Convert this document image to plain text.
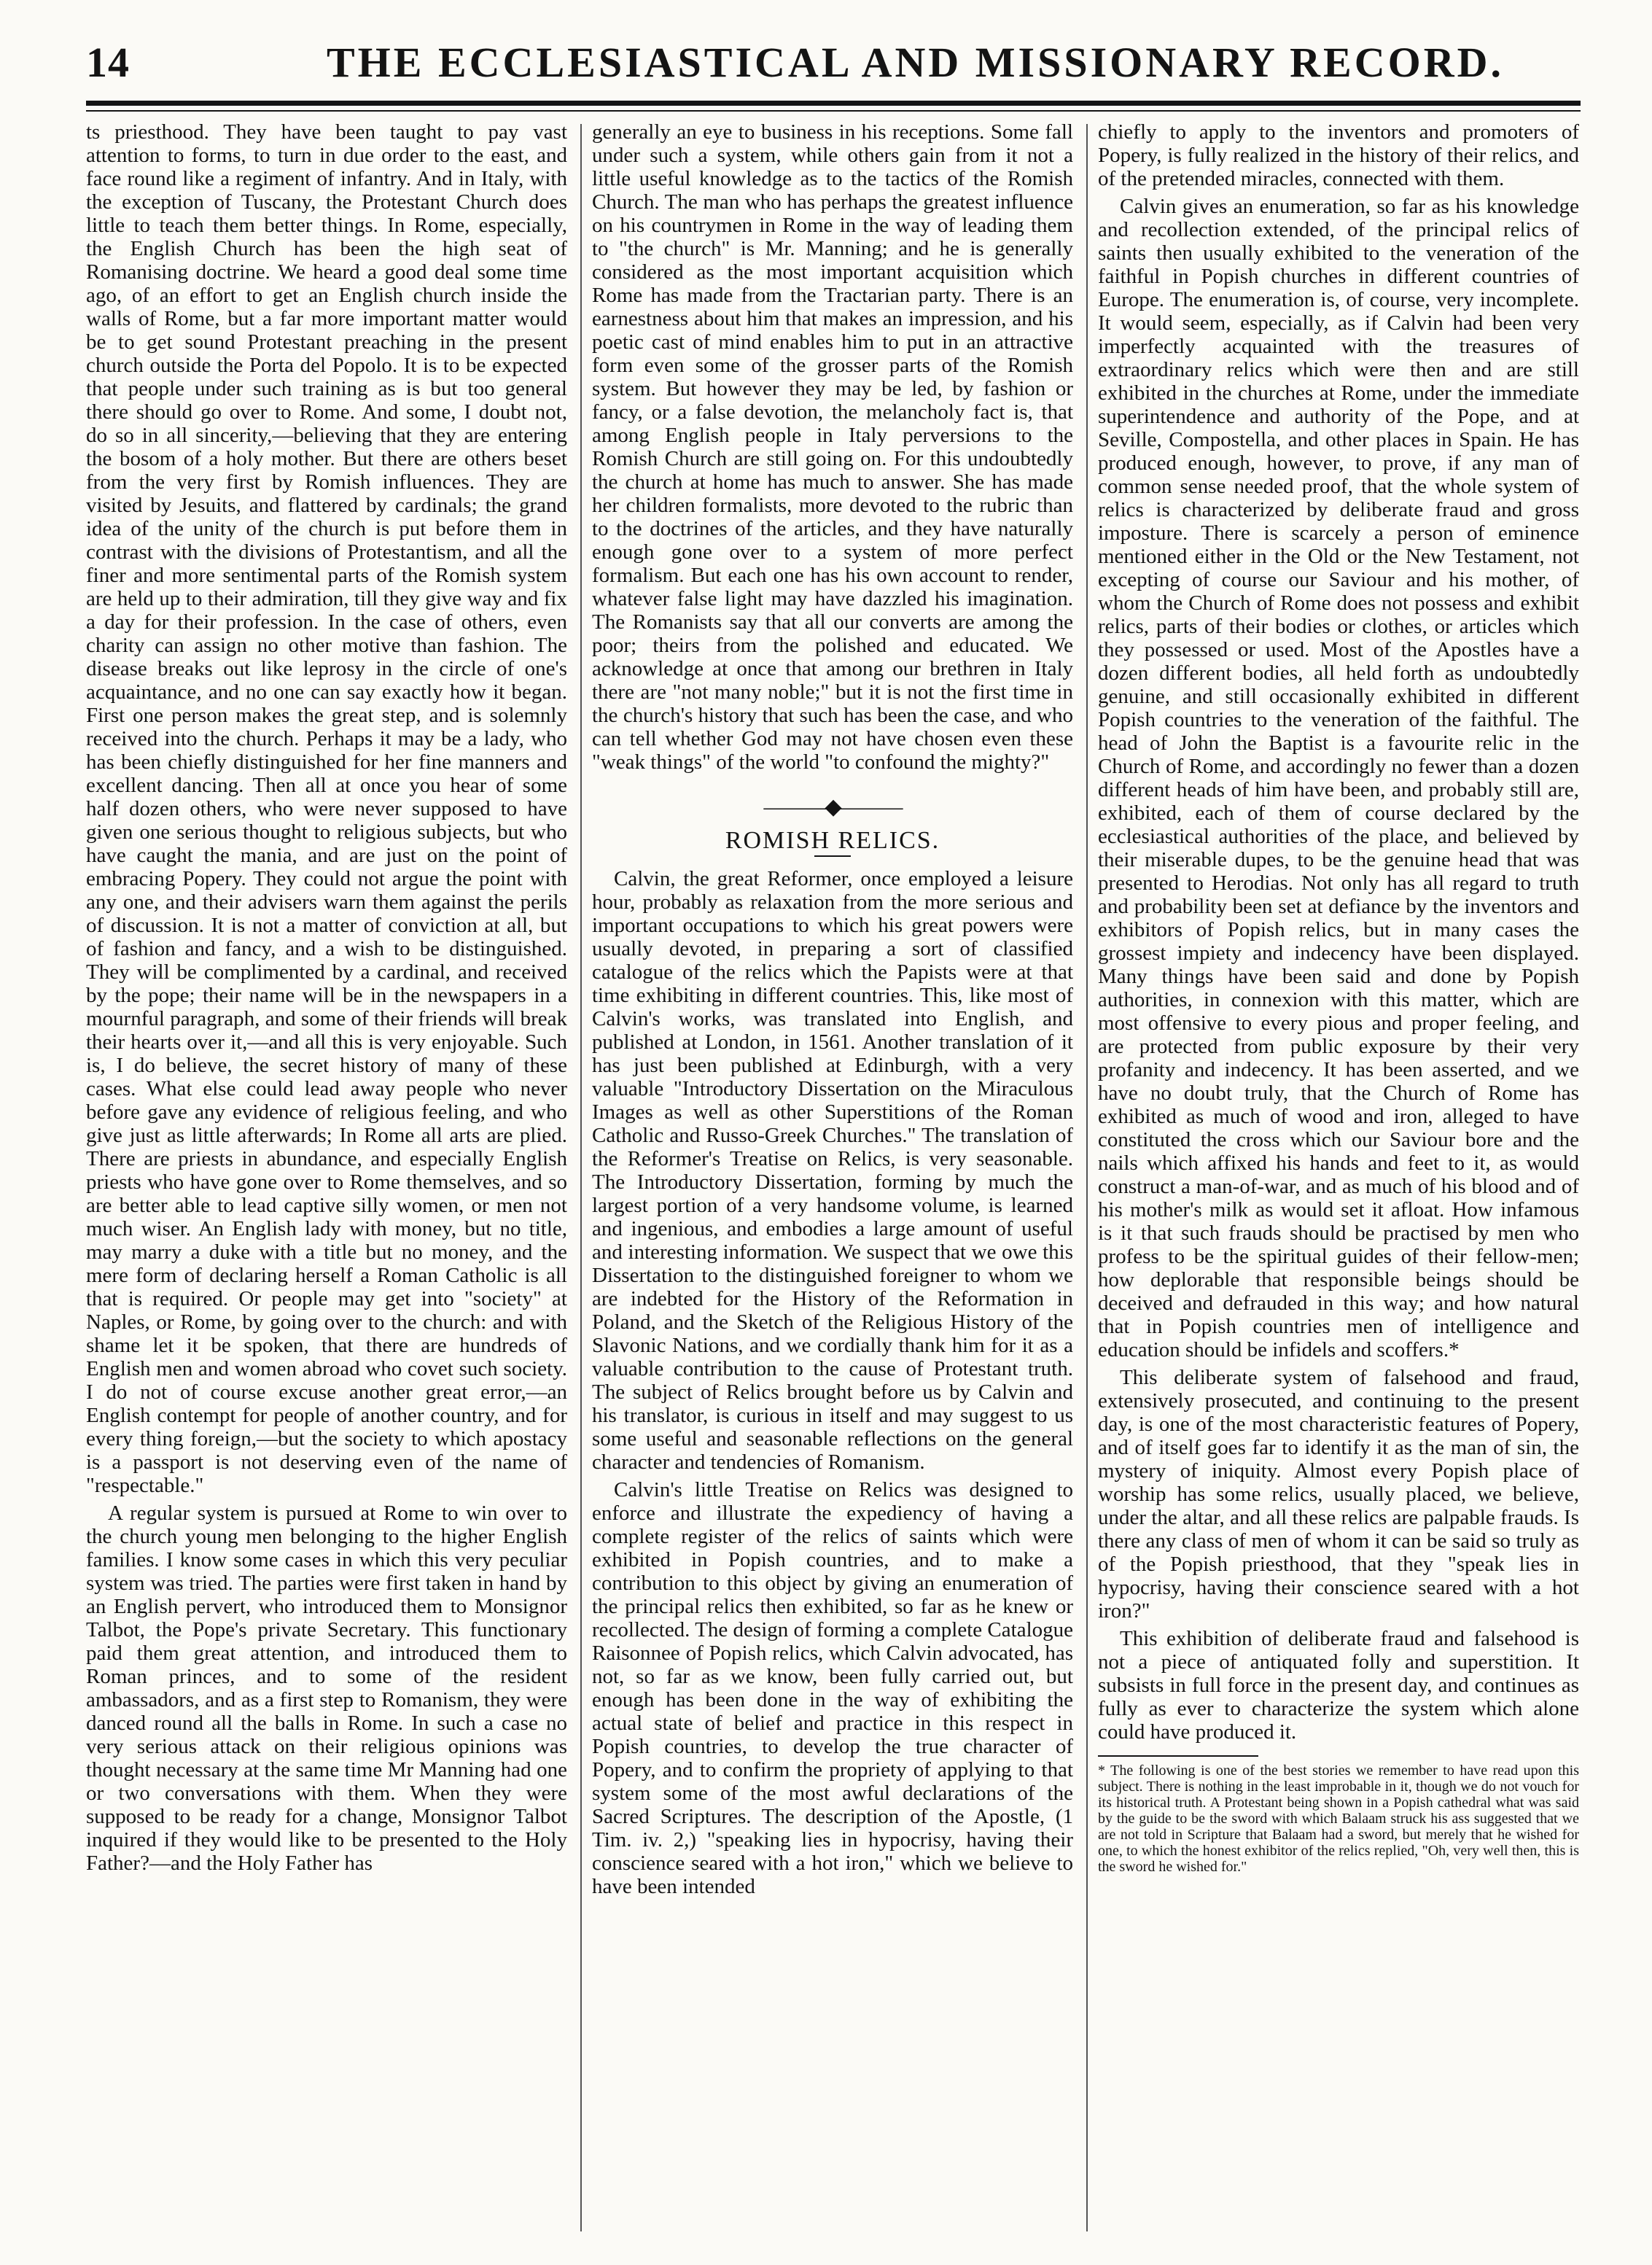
14	THE ECCLESIASTICAL AND MISSIONARY RECORD.

ts priesthood. They have been taught to pay vast attention to forms, to turn in due order to the east, and face round like a regiment of infantry. And in Italy, with the exception of Tuscany, the Protestant Church does little to teach them better things. In Rome, especially, the English Church has been the high seat of Romanising doctrine. We heard a good deal some time ago, of an effort to get an English church inside the walls of Rome, but a far more important matter would be to get sound Protestant preaching in the present church outside the Porta del Popolo. It is to be expected that people under such training as is but too general there should go over to Rome. And some, I doubt not, do so in all sincerity,—believing that they are entering the bosom of a holy mother. But there are others beset from the very first by Romish influences. They are visited by Jesuits, and flattered by cardinals; the grand idea of the unity of the church is put before them in contrast with the divisions of Protestantism, and all the finer and more sentimental parts of the Romish system are held up to their admiration, till they give way and fix a day for their profession. In the case of others, even charity can assign no other motive than fashion. The disease breaks out like leprosy in the circle of one's acquaintance, and no one can say exactly how it began. First one person makes the great step, and is solemnly received into the church. Perhaps it may be a lady, who has been chiefly distinguished for her fine manners and excellent dancing. Then all at once you hear of some half dozen others, who were never supposed to have given one serious thought to religious subjects, but who have caught the mania, and are just on the point of embracing Popery. They could not argue the point with any one, and their advisers warn them against the perils of discussion. It is not a matter of conviction at all, but of fashion and fancy, and a wish to be distinguished. They will be complimented by a cardinal, and received by the pope; their name will be in the newspapers in a mournful paragraph, and some of their friends will break their hearts over it,—and all this is very enjoyable. Such is, I do believe, the secret history of many of these cases. What else could lead away people who never before gave any evidence of religious feeling, and who give just as little afterwards; In Rome all arts are plied. There are priests in abundance, and especially English priests who have gone over to Rome themselves, and so are better able to lead captive silly women, or men not much wiser. An English lady with money, but no title, may marry a duke with a title but no money, and the mere form of declaring herself a Roman Catholic is all that is required. Or people may get into "society" at Naples, or Rome, by going over to the church: and with shame let it be spoken, that there are hundreds of English men and women abroad who covet such society. I do not of course excuse another great error,—an English contempt for people of another country, and for every thing foreign,—but the society to which apostacy is a passport is not deserving even of the name of "respectable."

A regular system is pursued at Rome to win over to the church young men belonging to the higher English families. I know some cases in which this very peculiar system was tried. The parties were first taken in hand by an English pervert, who introduced them to Monsignor Talbot, the Pope's private Secretary. This functionary paid them great attention, and introduced them to Roman princes, and to some of the resident ambassadors, and as a first step to Romanism, they were danced round all the balls in Rome. In such a case no very serious attack on their religious opinions was thought necessary at the same time Mr Manning had one or two conversations with them. When they were supposed to be ready for a change, Monsignor Talbot inquired if they would like to be presented to the Holy Father?—and the Holy Father has

generally an eye to business in his receptions. Some fall under such a system, while others gain from it not a little useful knowledge as to the tactics of the Romish Church. The man who has perhaps the greatest influence on his countrymen in Rome in the way of leading them to "the church" is Mr. Manning; and he is generally considered as the most important acquisition which Rome has made from the Tractarian party. There is an earnestness about him that makes an impression, and his poetic cast of mind enables him to put in an attractive form even some of the grosser parts of the Romish system. But however they may be led, by fashion or fancy, or a false devotion, the melancholy fact is, that among English people in Italy perversions to the Romish Church are still going on. For this undoubtedly the church at home has much to answer. She has made her children formalists, more devoted to the rubric than to the doctrines of the articles, and they have naturally enough gone over to a system of more perfect formalism. But each one has his own account to render, whatever false light may have dazzled his imagination. The Romanists say that all our converts are among the poor; theirs from the polished and educated. We acknowledge at once that among our brethren in Italy there are "not many noble;" but it is not the first time in the church's history that such has been the case, and who can tell whether God may not have chosen even these "weak things" of the world "to confound the mighty?"

———◆———
ROMISH RELICS.

Calvin, the great Reformer, once employed a leisure hour, probably as relaxation from the more serious and important occupations to which his great powers were usually devoted, in preparing a sort of classified catalogue of the relics which the Papists were at that time exhibiting in different countries. This, like most of Calvin's works, was translated into English, and published at London, in 1561. Another translation of it has just been published at Edinburgh, with a very valuable "Introductory Dissertation on the Miraculous Images as well as other Superstitions of the Roman Catholic and Russo-Greek Churches." The translation of the Reformer's Treatise on Relics, is very seasonable. The Introductory Dissertation, forming by much the largest portion of a very handsome volume, is learned and ingenious, and embodies a large amount of useful and interesting information. We suspect that we owe this Dissertation to the distinguished foreigner to whom we are indebted for the History of the Reformation in Poland, and the Sketch of the Religious History of the Slavonic Nations, and we cordially thank him for it as a valuable contribution to the cause of Protestant truth. The subject of Relics brought before us by Calvin and his translator, is curious in itself and may suggest to us some useful and seasonable reflections on the general character and tendencies of Romanism.

Calvin's little Treatise on Relics was designed to enforce and illustrate the expediency of having a complete register of the relics of saints which were exhibited in Popish countries, and to make a contribution to this object by giving an enumeration of the principal relics then exhibited, so far as he knew or recollected. The design of forming a complete Catalogue Raisonnee of Popish relics, which Calvin advocated, has not, so far as we know, been fully carried out, but enough has been done in the way of exhibiting the actual state of belief and practice in this respect in Popish countries, to develop the true character of Popery, and to confirm the propriety of applying to that system some of the most awful declarations of the Sacred Scriptures. The description of the Apostle, (1 Tim. iv. 2,) "speaking lies in hypocrisy, having their conscience seared with a hot iron," which we believe to have been intended

chiefly to apply to the inventors and promoters of Popery, is fully realized in the history of their relics, and of the pretended miracles, connected with them.

Calvin gives an enumeration, so far as his knowledge and recollection extended, of the principal relics of saints then usually exhibited to the veneration of the faithful in Popish churches in different countries of Europe. The enumeration is, of course, very incomplete. It would seem, especially, as if Calvin had been very imperfectly acquainted with the treasures of extraordinary relics which were then and are still exhibited in the churches at Rome, under the immediate superintendence and authority of the Pope, and at Seville, Compostella, and other places in Spain. He has produced enough, however, to prove, if any man of common sense needed proof, that the whole system of relics is characterized by deliberate fraud and gross imposture. There is scarcely a person of eminence mentioned either in the Old or the New Testament, not excepting of course our Saviour and his mother, of whom the Church of Rome does not possess and exhibit relics, parts of their bodies or clothes, or articles which they possessed or used. Most of the Apostles have a dozen different bodies, all held forth as undoubtedly genuine, and still occasionally exhibited in different Popish countries to the veneration of the faithful. The head of John the Baptist is a favourite relic in the Church of Rome, and accordingly no fewer than a dozen different heads of him have been, and probably still are, exhibited, each of them of course declared by the ecclesiastical authorities of the place, and believed by their miserable dupes, to be the genuine head that was presented to Herodias. Not only has all regard to truth and probability been set at defiance by the inventors and exhibitors of Popish relics, but in many cases the grossest impiety and indecency have been displayed. Many things have been said and done by Popish authorities, in connexion with this matter, which are most offensive to every pious and proper feeling, and are protected from public exposure by their very profanity and indecency. It has been asserted, and we have no doubt truly, that the Church of Rome has exhibited as much of wood and iron, alleged to have constituted the cross which our Saviour bore and the nails which affixed his hands and feet to it, as would construct a man-of-war, and as much of his blood and of his mother's milk as would set it afloat. How infamous is it that such frauds should be practised by men who profess to be the spiritual guides of their fellow-men; how deplorable that responsible beings should be deceived and defrauded in this way; and how natural that in Popish countries men of intelligence and education should be infidels and scoffers.*

This deliberate system of falsehood and fraud, extensively prosecuted, and continuing to the present day, is one of the most characteristic features of Popery, and of itself goes far to identify it as the man of sin, the mystery of iniquity. Almost every Popish place of worship has some relics, usually placed, we believe, under the altar, and all these relics are palpable frauds. Is there any class of men of whom it can be said so truly as of the Popish priesthood, that they "speak lies in hypocrisy, having their conscience seared with a hot iron?"

This exhibition of deliberate fraud and falsehood is not a piece of antiquated folly and superstition. It subsists in full force in the present day, and continues as fully as ever to characterize the system which alone could have produced it.

* The following is one of the best stories we remember to have read upon this subject. There is nothing in the least improbable in it, though we do not vouch for its historical truth. A Protestant being shown in a Popish cathedral what was said by the guide to be the sword with which Balaam struck his ass suggested that we are not told in Scripture that Balaam had a sword, but merely that he wished for one, to which the honest exhibitor of the relics replied, "Oh, very well then, this is the sword he wished for."
